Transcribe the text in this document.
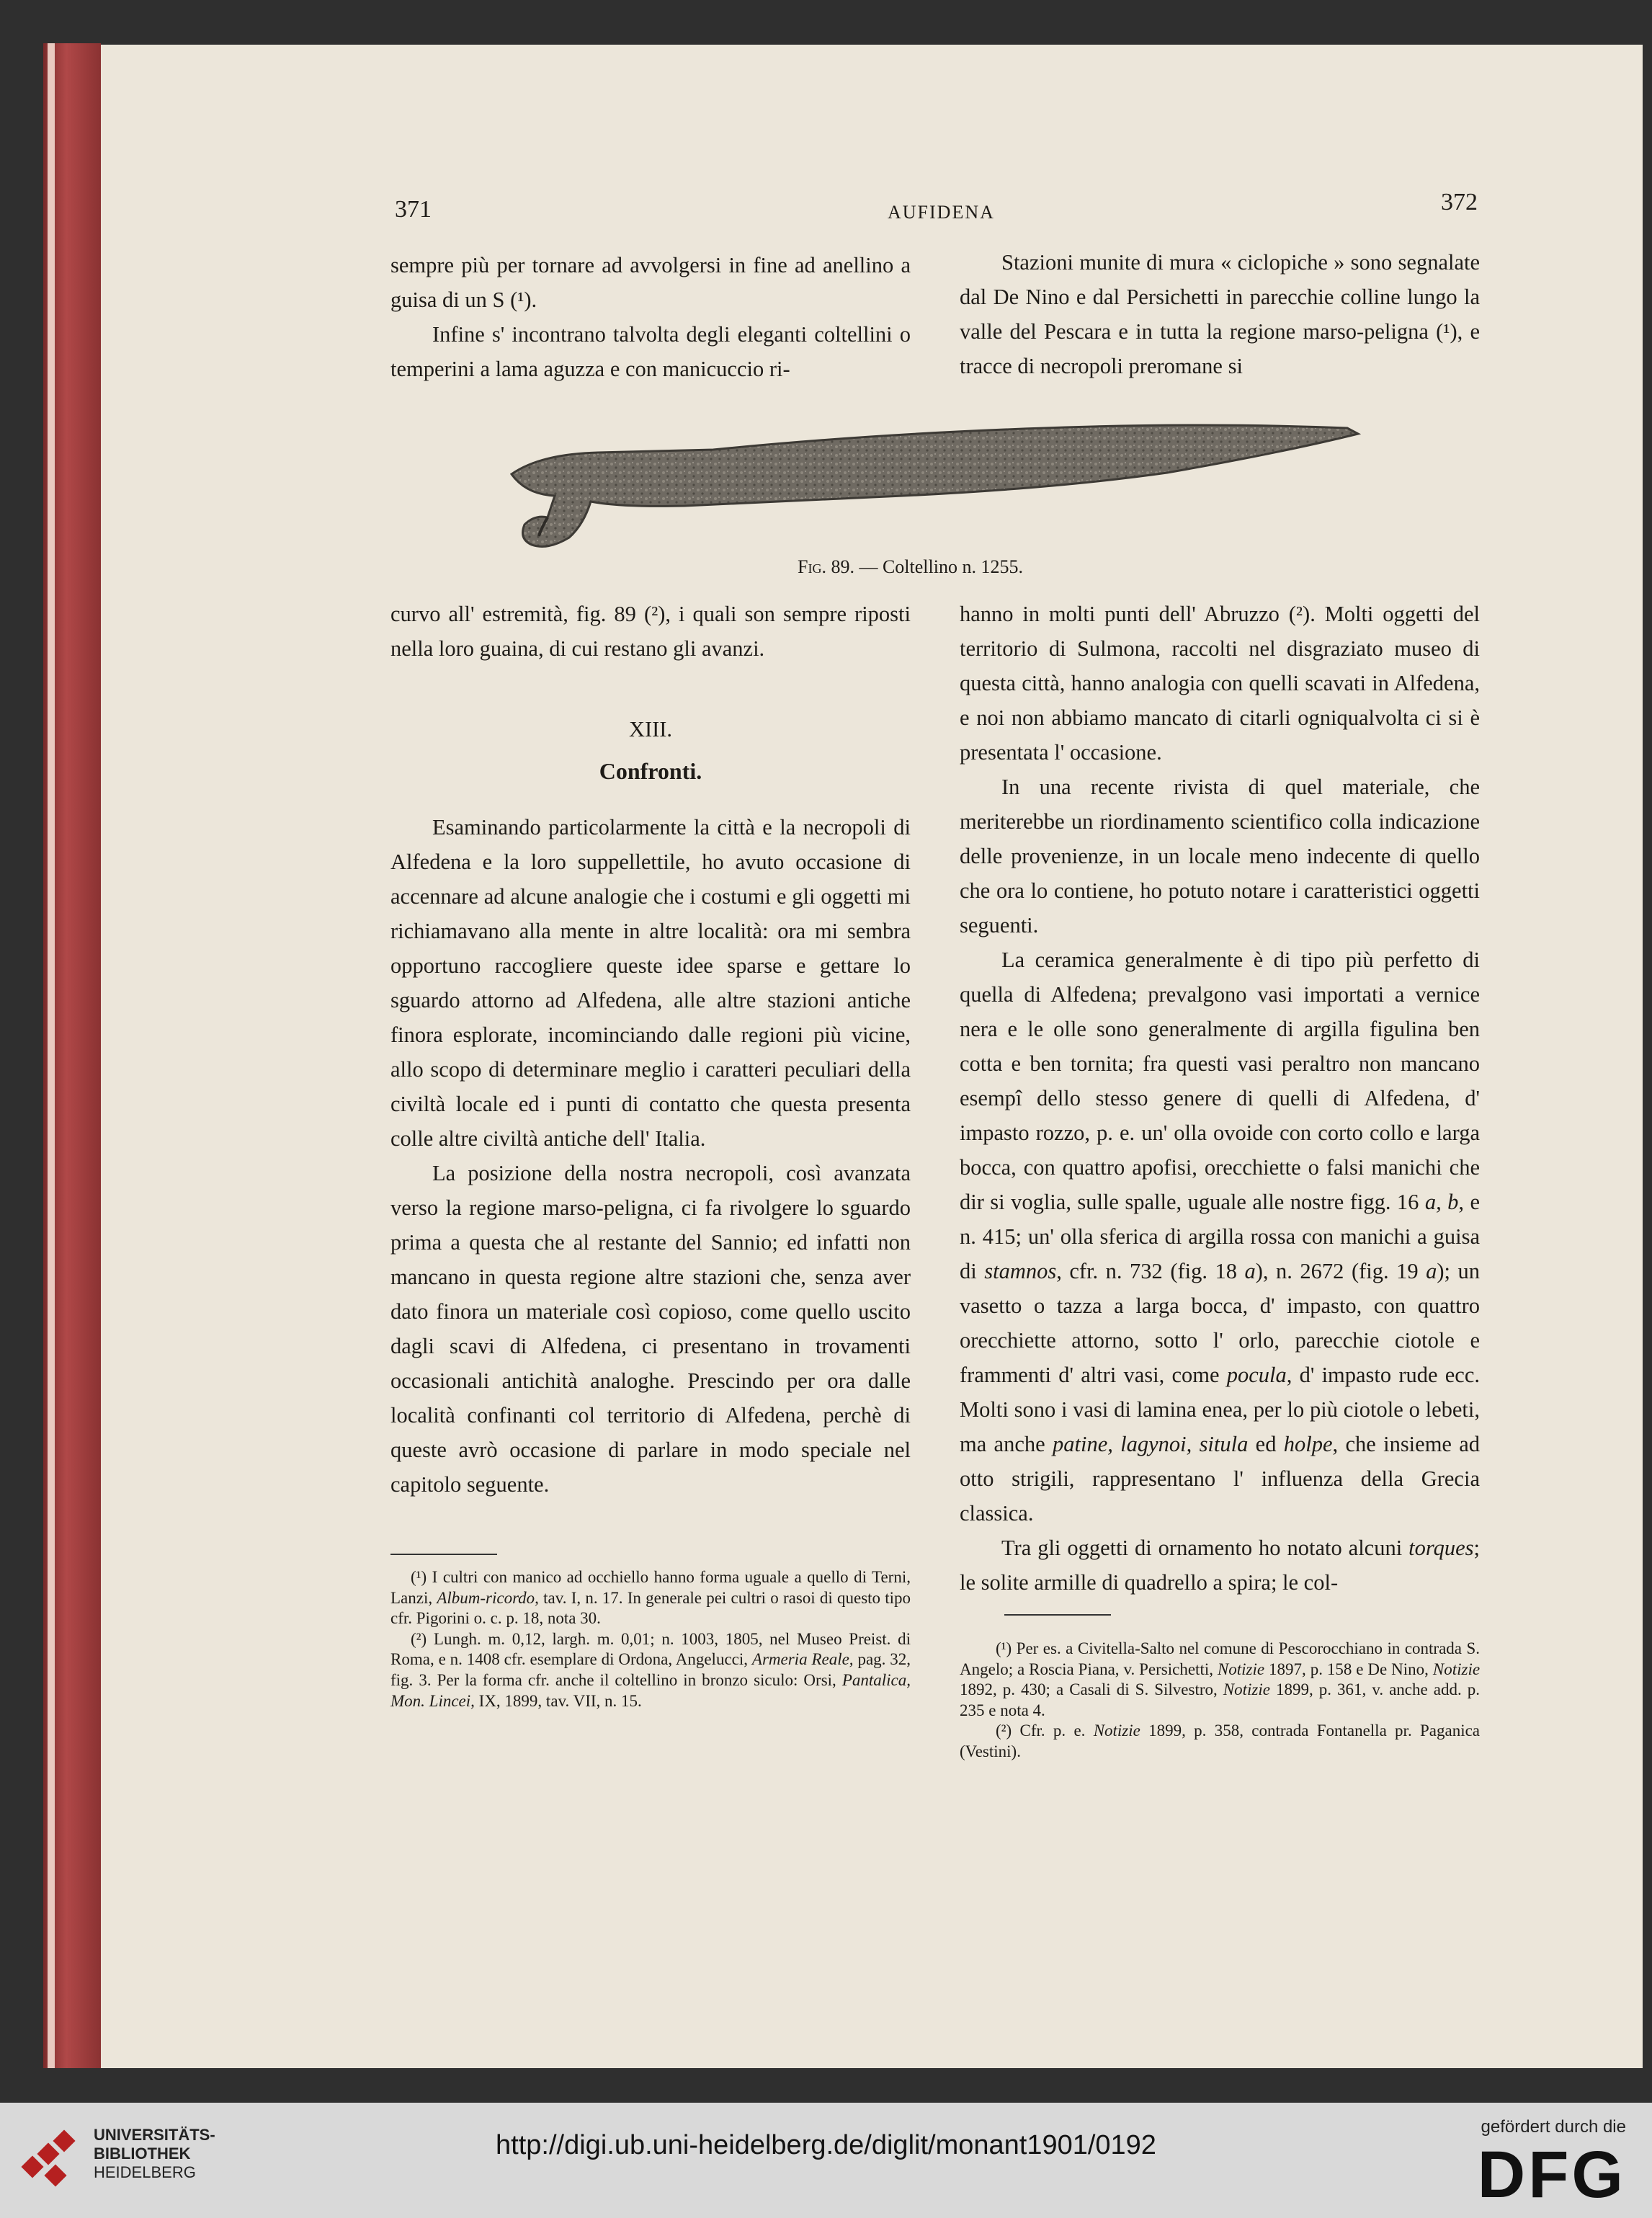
371	AUFIDENA	372

sempre più per tornare ad avvolgersi in fine ad anellino a guisa di un S (¹).

Infine s' incontrano talvolta degli eleganti coltellini o temperini a lama aguzza e con manicuccio ri-

Stazioni munite di mura « ciclopiche » sono segnalate dal De Nino e dal Persichetti in parecchie colline lungo la valle del Pescara e in tutta la regione marso-peligna (¹), e tracce di necropoli preromane si

Fig. 89. — Coltellino n. 1255.

curvo all' estremità, fig. 89 (²), i quali son sempre riposti nella loro guaina, di cui restano gli avanzi.

XIII.

Confronti.

Esaminando particolarmente la città e la necropoli di Alfedena e la loro suppellettile, ho avuto occasione di accennare ad alcune analogie che i costumi e gli oggetti mi richiamavano alla mente in altre località: ora mi sembra opportuno raccogliere queste idee sparse e gettare lo sguardo attorno ad Alfedena, alle altre stazioni antiche finora esplorate, incominciando dalle regioni più vicine, allo scopo di determinare meglio i caratteri peculiari della civiltà locale ed i punti di contatto che questa presenta colle altre civiltà antiche dell' Italia.

La posizione della nostra necropoli, così avanzata verso la regione marso-peligna, ci fa rivolgere lo sguardo prima a questa che al restante del Sannio; ed infatti non mancano in questa regione altre stazioni che, senza aver dato finora un materiale così copioso, come quello uscito dagli scavi di Alfedena, ci presentano in trovamenti occasionali antichità analoghe. Prescindo per ora dalle località confinanti col territorio di Alfedena, perchè di queste avrò occasione di parlare in modo speciale nel capitolo seguente.

hanno in molti punti dell' Abruzzo (²). Molti oggetti del territorio di Sulmona, raccolti nel disgraziato museo di questa città, hanno analogia con quelli scavati in Alfedena, e noi non abbiamo mancato di citarli ogniqualvolta ci si è presentata l' occasione.

In una recente rivista di quel materiale, che meriterebbe un riordinamento scientifico colla indicazione delle provenienze, in un locale meno indecente di quello che ora lo contiene, ho potuto notare i caratteristici oggetti seguenti.

La ceramica generalmente è di tipo più perfetto di quella di Alfedena; prevalgono vasi importati a vernice nera e le olle sono generalmente di argilla figulina ben cotta e ben tornita; fra questi vasi peraltro non mancano esempî dello stesso genere di quelli di Alfedena, d' impasto rozzo, p. e. un' olla ovoide con corto collo e larga bocca, con quattro apofisi, orecchiette o falsi manichi che dir si voglia, sulle spalle, uguale alle nostre figg. 16 a, b, e n. 415; un' olla sferica di argilla rossa con manichi a guisa di stamnos, cfr. n. 732 (fig. 18 a), n. 2672 (fig. 19 a); un vasetto o tazza a larga bocca, d' impasto, con quattro orecchiette attorno, sotto l' orlo, parecchie ciotole e frammenti d' altri vasi, come pocula, d' impasto rude ecc. Molti sono i vasi di lamina enea, per lo più ciotole o lebeti, ma anche patine, lagynoi, situla ed holpe, che insieme ad otto strigili, rappresentano l' influenza della Grecia classica.

Tra gli oggetti di ornamento ho notato alcuni torques; le solite armille di quadrello a spira; le col-

(¹) I cultri con manico ad occhiello hanno forma uguale a quello di Terni, Lanzi, Album-ricordo, tav. I, n. 17. In generale pei cultri o rasoi di questo tipo cfr. Pigorini o. c. p. 18, nota 30.

(²) Lungh. m. 0,12, largh. m. 0,01; n. 1003, 1805, nel Museo Preist. di Roma, e n. 1408 cfr. esemplare di Ordona, Angelucci, Armeria Reale, pag. 32, fig. 3. Per la forma cfr. anche il coltellino in bronzo siculo: Orsi, Pantalica, Mon. Lincei, IX, 1899, tav. VII, n. 15.

(¹) Per es. a Civitella-Salto nel comune di Pescorocchiano in contrada S. Angelo; a Roscia Piana, v. Persichetti, Notizie 1897, p. 158 e De Nino, Notizie 1892, p. 430; a Casali di S. Silvestro, Notizie 1899, p. 361, v. anche add. p. 235 e nota 4.

(²) Cfr. p. e. Notizie 1899, p. 358, contrada Fontanella pr. Paganica (Vestini).

UNIVERSITÄTS-
BIBLIOTHEK
HEIDELBERG
http://digi.ub.uni-heidelberg.de/diglit/monant1901/0192
gefördert durch die
DFG
